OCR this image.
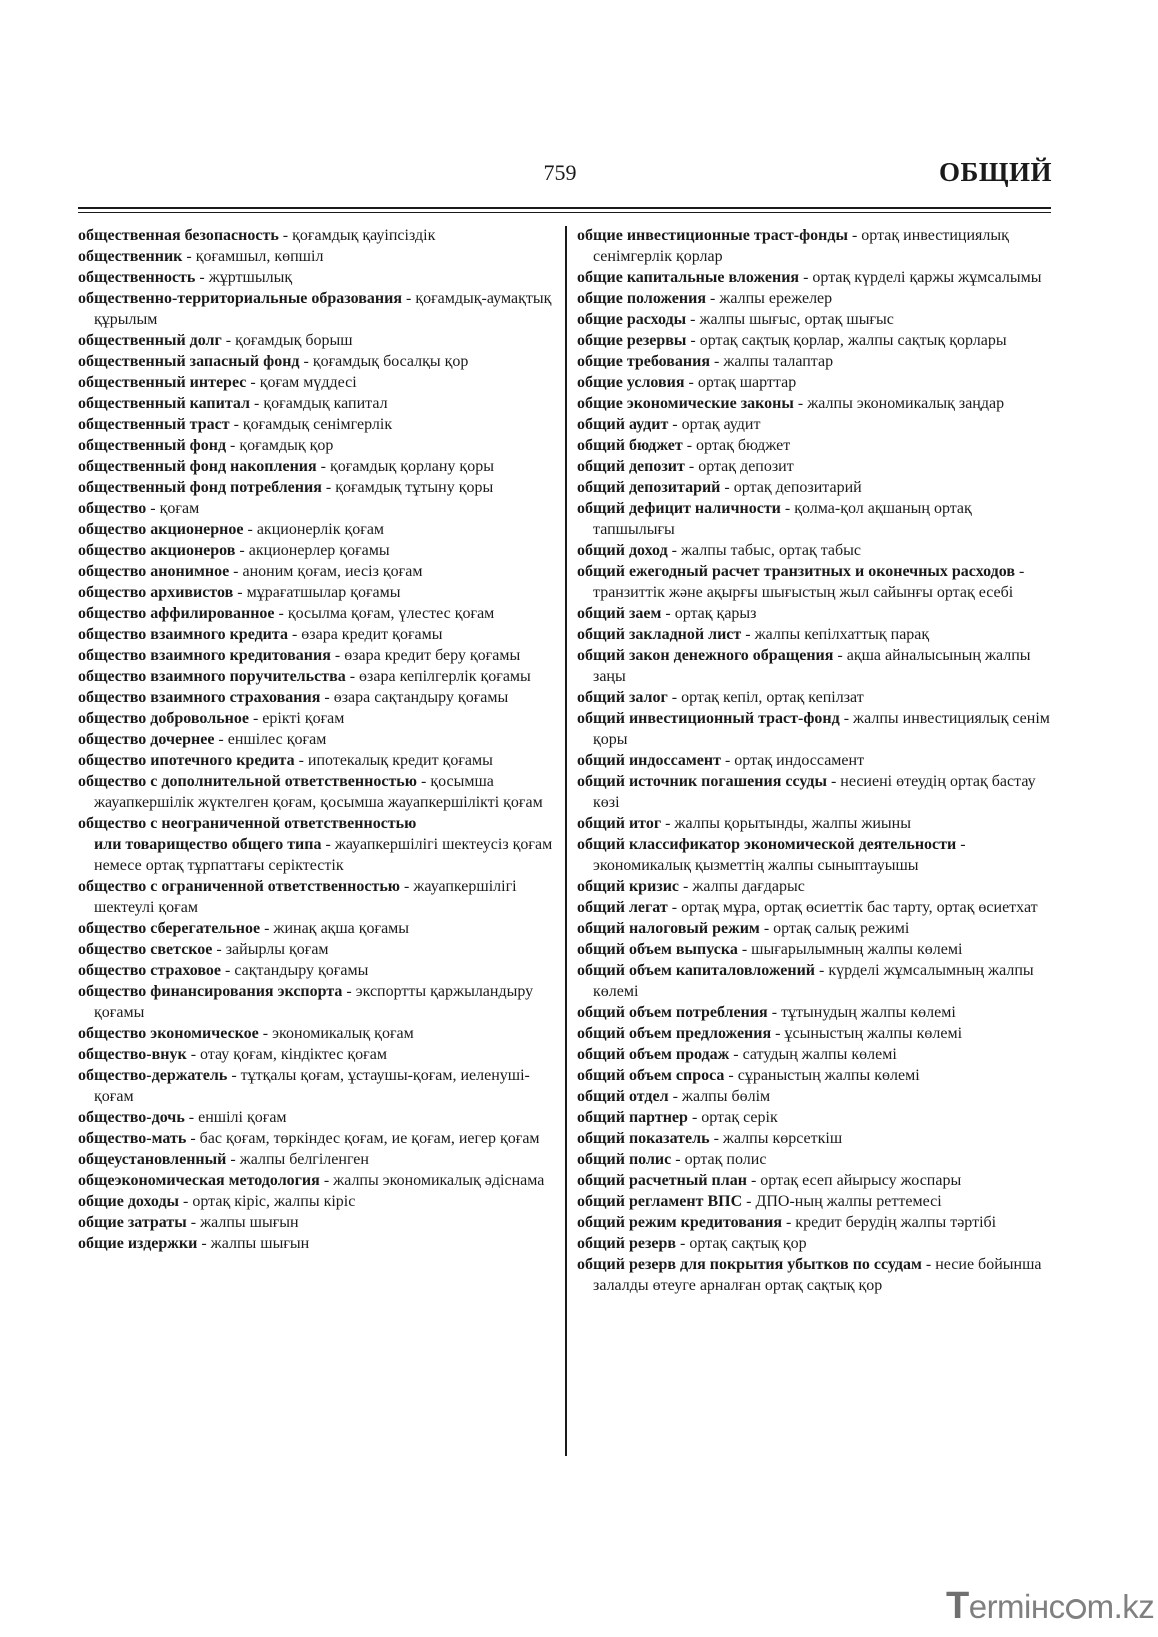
759	ОБЩИЙ

общественная безопасность - қоғамдық қауіпсіздік

общественник - қоғамшыл, көпшіл

общественность - жұртшылық

общественно-территориальные образования - қоғамдық-аумақтық құрылым

общественный долг - қоғамдық борыш

общественный запасный фонд - қоғамдық босалқы қор

общественный интерес - қоғам мүддесі

общественный капитал - қоғамдық капитал

общественный траст - қоғамдық сенімгерлік

общественный фонд - қоғамдық қор

общественный фонд накопления - қоғамдық қорлану қоры

общественный фонд потребления - қоғамдық тұтыну қоры

общество - қоғам

общество акционерное - акционерлік қоғам

общество акционеров - акционерлер қоғамы

общество анонимное - аноним қоғам, иесіз қоғам

общество архивистов - мұрағатшылар қоғамы

общество аффилированное - қосылма қоғам, үлестес қоғам

общество взаимного кредита - өзара кредит қоғамы

общество взаимного кредитования - өзара кредит беру қоғамы

общество взаимного поручительства - өзара кепілгерлік қоғамы

общество взаимного страхования - өзара сақтандыру қоғамы

общество добровольное - ерікті қоғам

общество дочернее - еншілес қоғам

общество ипотечного кредита - ипотекалық кредит қоғамы

общество с дополнительной ответственностью - қосымша жауапкершілік жүктелген қоғам, қосымша жауапкершілікті қоғам

общество с неограниченной ответственностью

или товарищество общего типа - жауапкершілігі шектеусіз қоғам немесе ортақ тұрпаттағы серіктестік

общество с ограниченной ответственностью - жауапкершілігі шектеулі қоғам

общество сберегательное - жинақ ақша қоғамы

общество светское - зайырлы қоғам

общество страховое - сақтандыру қоғамы

общество финансирования экспорта - экспортты қаржыландыру қоғамы

общество экономическое - экономикалық қоғам

общество-внук - отау қоғам, кіндіктес қоғам

общество-держатель - тұтқалы қоғам, ұстаушы-қоғам, иеленуші-қоғам

общество-дочь - еншілі қоғам

общество-мать - бас қоғам, төркіндес қоғам, ие қоғам, иегер қоғам

общеустановленный - жалпы белгіленген

общеэкономическая методология - жалпы экономикалық әдіснама

общие доходы - ортақ кіріс, жалпы кіріс

общие затраты - жалпы шығын

общие издержки - жалпы шығын

общие инвестиционные траст-фонды - ортақ инвестициялық сенімгерлік қорлар

общие капитальные вложения - ортақ күрделі қаржы жұмсалымы

общие положения - жалпы ережелер

общие расходы - жалпы шығыс, ортақ шығыс

общие резервы - ортақ сақтық қорлар, жалпы сақтық қорлары

общие требования - жалпы талаптар

общие условия - ортақ шарттар

общие экономические законы - жалпы экономикалық заңдар

общий аудит - ортақ аудит

общий бюджет - ортақ бюджет

общий депозит - ортақ депозит

общий депозитарий - ортақ депозитарий

общий дефицит наличности - қолма-қол ақшаның ортақ тапшылығы

общий доход - жалпы табыс, ортақ табыс

общий ежегодный расчет транзитных и оконечных расходов - транзиттік және ақырғы шығыстың жыл сайынғы ортақ есебі

общий заем - ортақ қарыз

общий закладной лист - жалпы кепілхаттық парақ

общий закон денежного обращения - ақша айналысының жалпы заңы

общий залог - ортақ кепіл, ортақ кепілзат

общий инвестиционный траст-фонд - жалпы инвестициялық сенім қоры

общий индоссамент - ортақ индоссамент

общий источник погашения ссуды - несиені өтеудің ортақ бастау көзі

общий итог - жалпы қорытынды, жалпы жиыны

общий классификатор экономической деятельности - экономикалық қызметтің жалпы сыныптауышы

общий кризис - жалпы дағдарыс

общий легат - ортақ мұра, ортақ өсиеттік бас тарту, ортақ өсиетхат

общий налоговый режим - ортақ салық режимі

общий объем выпуска - шығарылымның жалпы көлемі

общий объем капиталовложений - күрделі жұмсалымның жалпы көлемі

общий объем потребления - тұтынудың жалпы көлемі

общий объем предложения - ұсыныстың жалпы көлемі

общий объем продаж - сатудың жалпы көлемі

общий объем спроса - сұраныстың жалпы көлемі

общий отдел - жалпы бөлім

общий партнер - ортақ серік

общий показатель - жалпы көрсеткіш

общий полис - ортақ полис

общий расчетный план - ортақ есеп айырысу жоспары

общий регламент ВПС - ДПО-ның жалпы реттемесі

общий режим кредитования - кредит берудің жалпы тәртібі

общий резерв - ортақ сақтық қор

общий резерв для покрытия убытков по ссудам - несие бойынша залалды өтеуге арналған ортақ сақтық қор

Termінс m.kz
